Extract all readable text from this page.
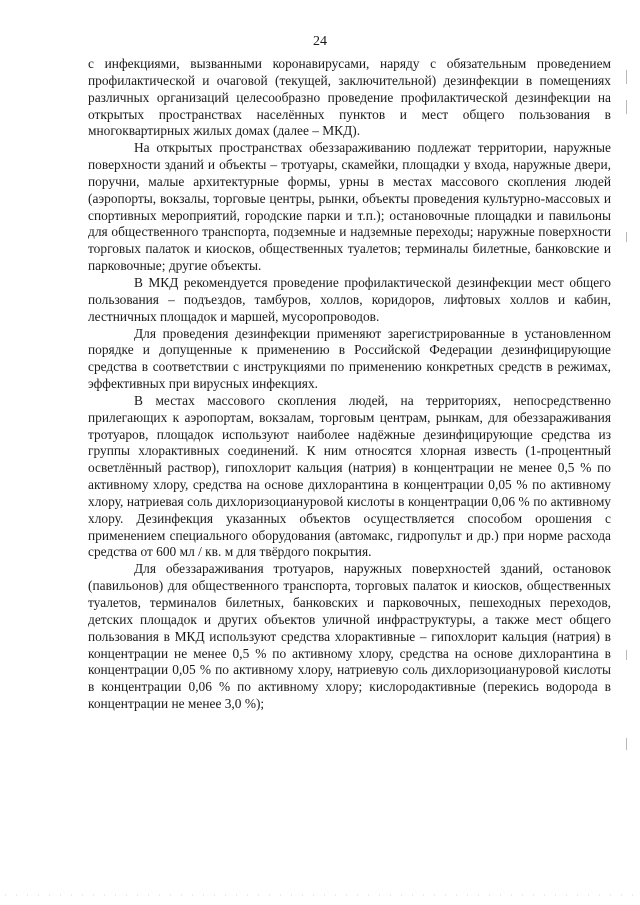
24

с инфекциями, вызванными коронавирусами, наряду с обязательным проведением профилактической и очаговой (текущей, заключительной) дезинфекции в помещениях различных организаций целесообразно проведение профилактической дезинфекции на открытых пространствах населённых пунктов и мест общего пользования в многоквартирных жилых домах (далее – МКД).

На открытых пространствах обеззараживанию подлежат территории, наружные поверхности зданий и объекты – тротуары, скамейки, площадки у входа, наружные двери, поручни, малые архитектурные формы, урны в местах массового скопления людей (аэропорты, вокзалы, торговые центры, рынки, объекты проведения культурно-массовых и спортивных мероприятий, городские парки и т.п.); остановочные площадки и павильоны для общественного транспорта, подземные и надземные переходы; наружные поверхности торговых палаток и киосков, общественных туалетов; терминалы билетные, банковские и парковочные; другие объекты.

В МКД рекомендуется проведение профилактической дезинфекции мест общего пользования – подъездов, тамбуров, холлов, коридоров, лифтовых холлов и кабин, лестничных площадок и маршей, мусоропроводов.

Для проведения дезинфекции применяют зарегистрированные в установленном порядке и допущенные к применению в Российской Федерации дезинфицирующие средства в соответствии с инструкциями по применению конкретных средств в режимах, эффективных при вирусных инфекциях.

В местах массового скопления людей, на территориях, непосредственно прилегающих к аэропортам, вокзалам, торговым центрам, рынкам, для обеззараживания тротуаров, площадок используют наиболее надёжные дезинфицирующие средства из группы хлорактивных соединений. К ним относятся хлорная известь (1-процентный осветлённый раствор), гипохлорит кальция (натрия) в концентрации не менее 0,5 % по активному хлору, средства на основе дихлорантина в концентрации 0,05 % по активному хлору, натриевая соль дихлоризоциануровой кислоты в концентрации 0,06 % по активному хлору. Дезинфекция указанных объектов осуществляется способом орошения с применением специального оборудования (автомакс, гидропульт и др.) при норме расхода средства от 600 мл / кв. м для твёрдого покрытия.

Для обеззараживания тротуаров, наружных поверхностей зданий, остановок (павильонов) для общественного транспорта, торговых палаток и киосков, общественных туалетов, терминалов билетных, банковских и парковочных, пешеходных переходов, детских площадок и других объектов уличной инфраструктуры, а также мест общего пользования в МКД используют средства хлорактивные – гипохлорит кальция (натрия) в концентрации не менее 0,5 % по активному хлору, средства на основе дихлорантина в концентрации 0,05 % по активному хлору, натриевую соль дихлоризоциануровой кислоты в концентрации 0,06 % по активному хлору; кислородактивные (перекись водорода в концентрации не менее 3,0 %);
